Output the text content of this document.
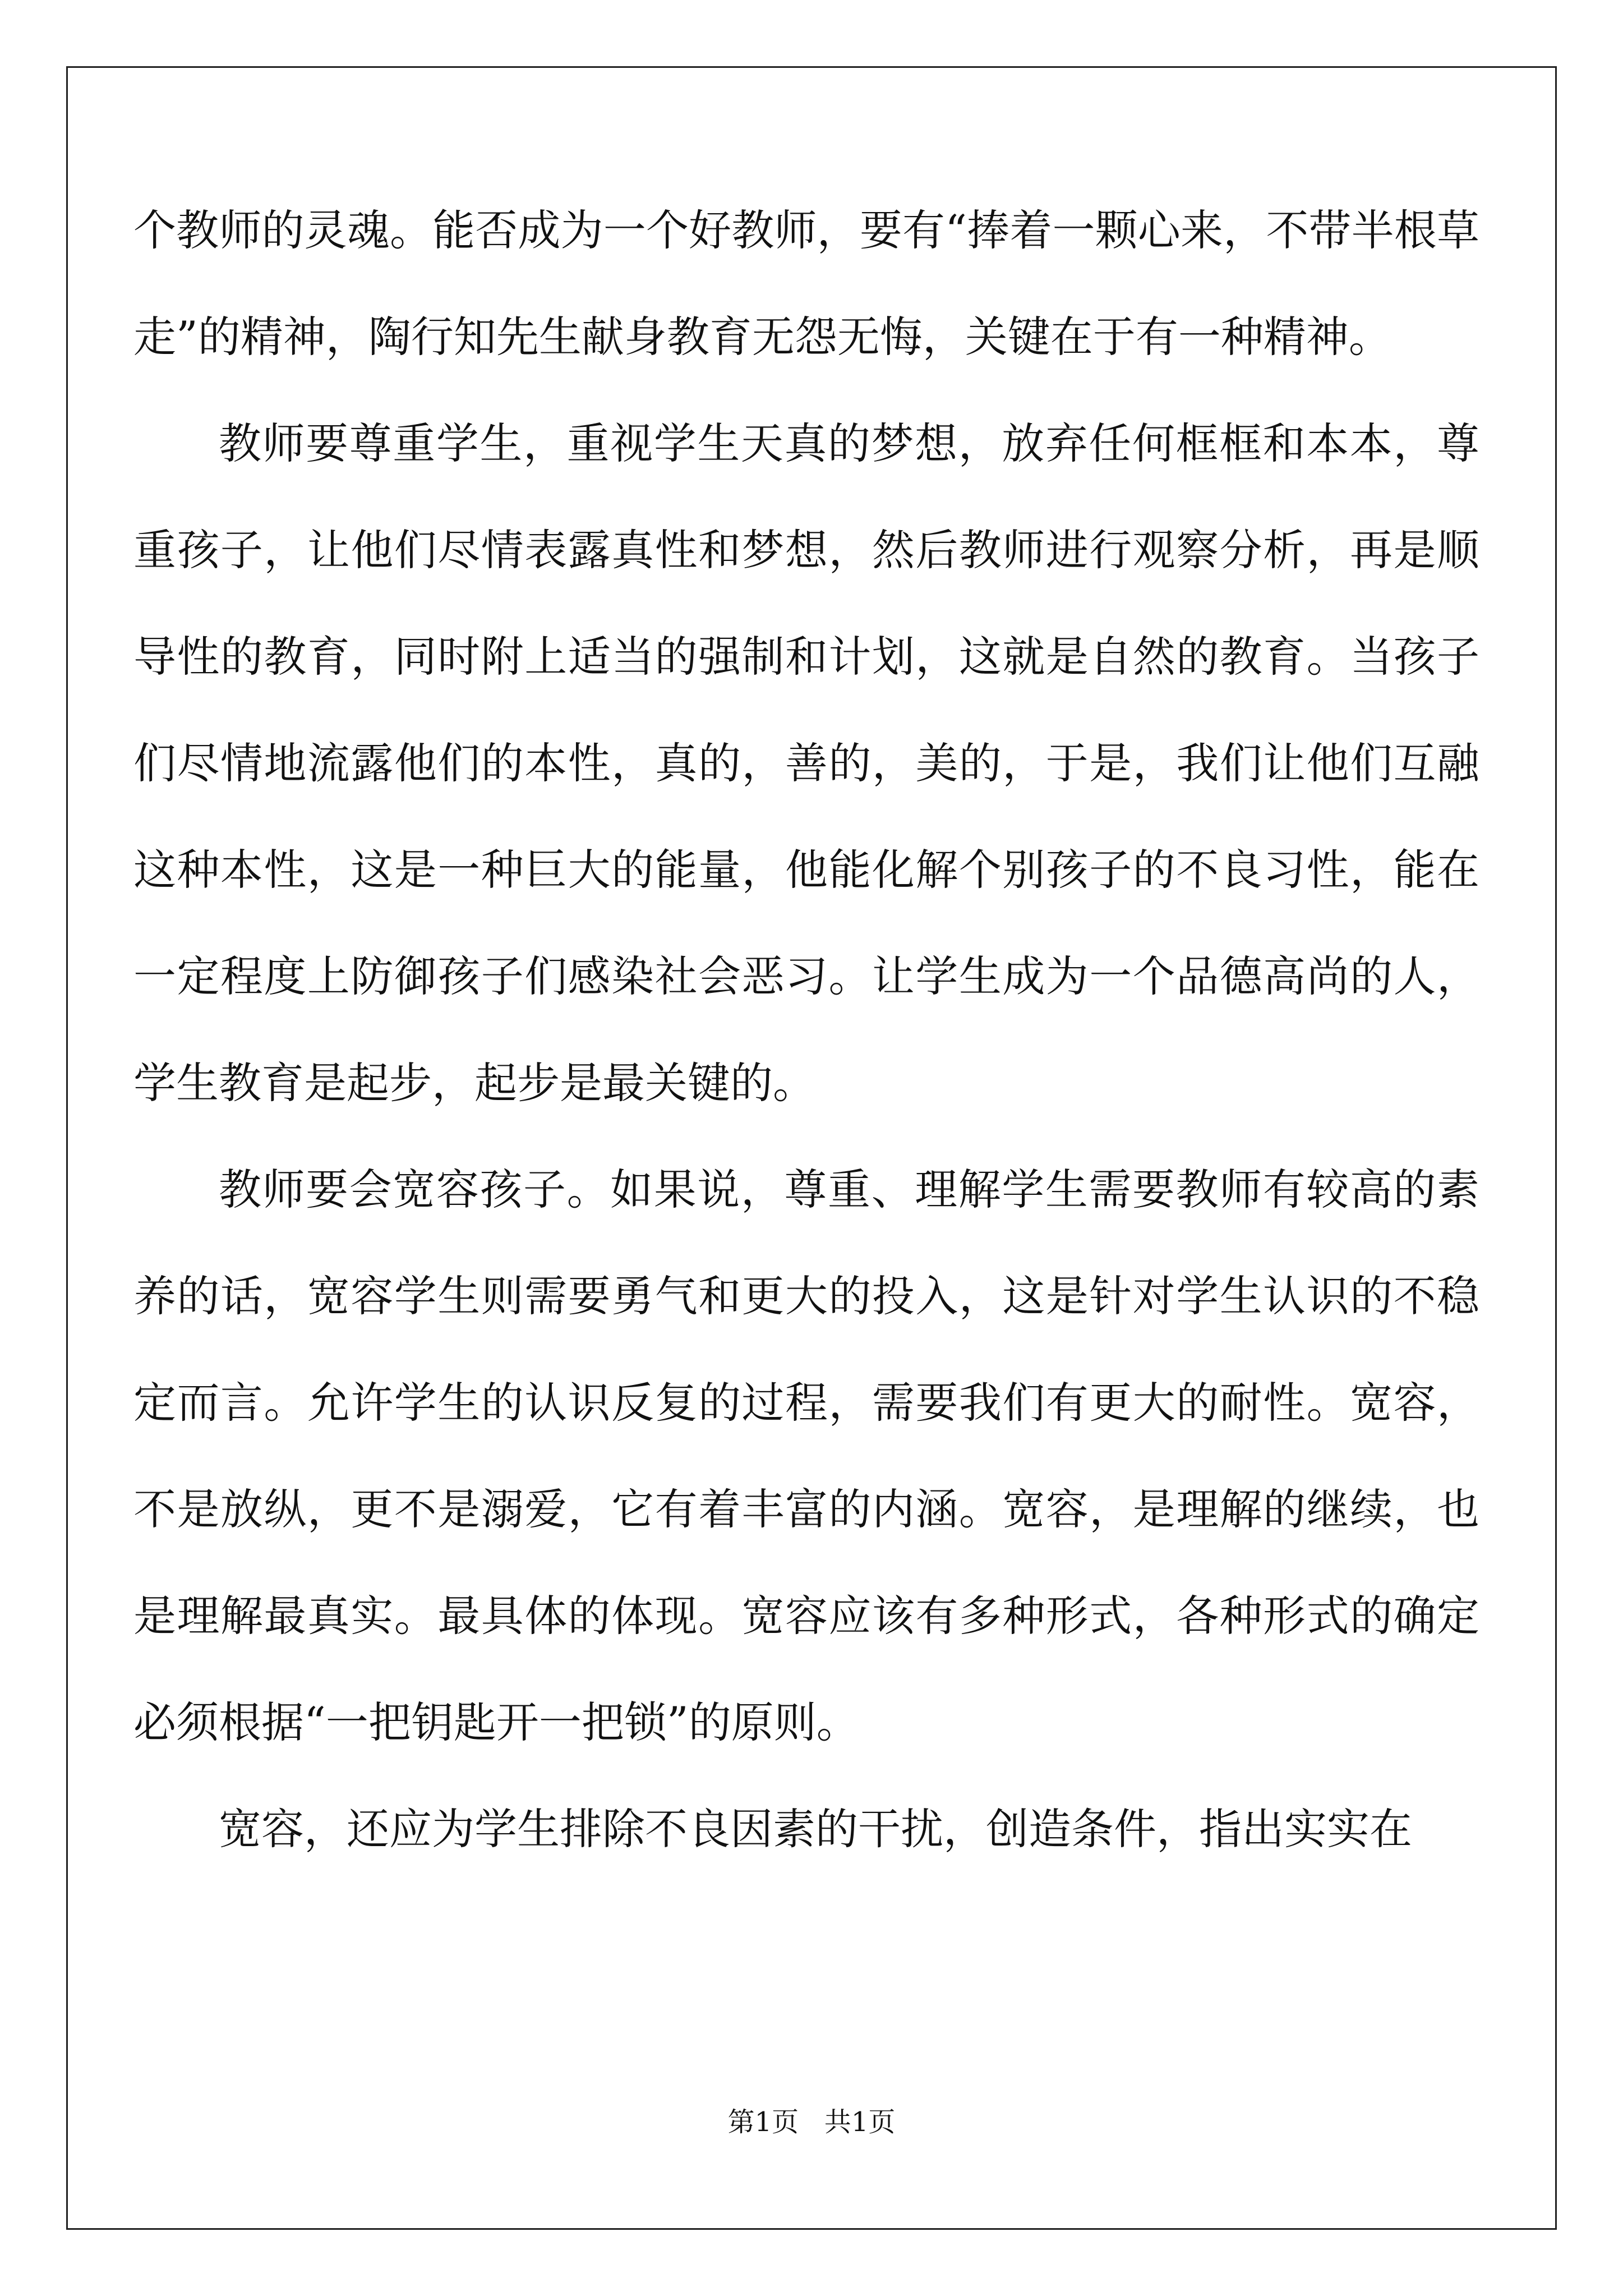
个教师的灵魂。能否成为一个好教师，要有“捧着一颗心来，不带半根草走”的精神，陶行知先生献身教育无怨无悔，关键在于有一种精神。

教师要尊重学生，重视学生天真的梦想，放弃任何框框和本本，尊重孩子，让他们尽情表露真性和梦想，然后教师进行观察分析，再是顺导性的教育，同时附上适当的强制和计划，这就是自然的教育。当孩子们尽情地流露他们的本性，真的，善的，美的，于是，我们让他们互融这种本性，这是一种巨大的能量，他能化解个别孩子的不良习性，能在一定程度上防御孩子们感染社会恶习。让学生成为一个品德高尚的人，学生教育是起步，起步是最关键的。

教师要会宽容孩子。如果说，尊重、理解学生需要教师有较高的素养的话，宽容学生则需要勇气和更大的投入，这是针对学生认识的不稳定而言。允许学生的认识反复的过程，需要我们有更大的耐性。宽容，不是放纵，更不是溺爱，它有着丰富的内涵。宽容，是理解的继续，也是理解最真实。最具体的体现。宽容应该有多种形式，各种形式的确定必须根据“一把钥匙开一把锁”的原则。

宽容，还应为学生排除不良因素的干扰，创造条件，指出实实在

第1页   共1页
